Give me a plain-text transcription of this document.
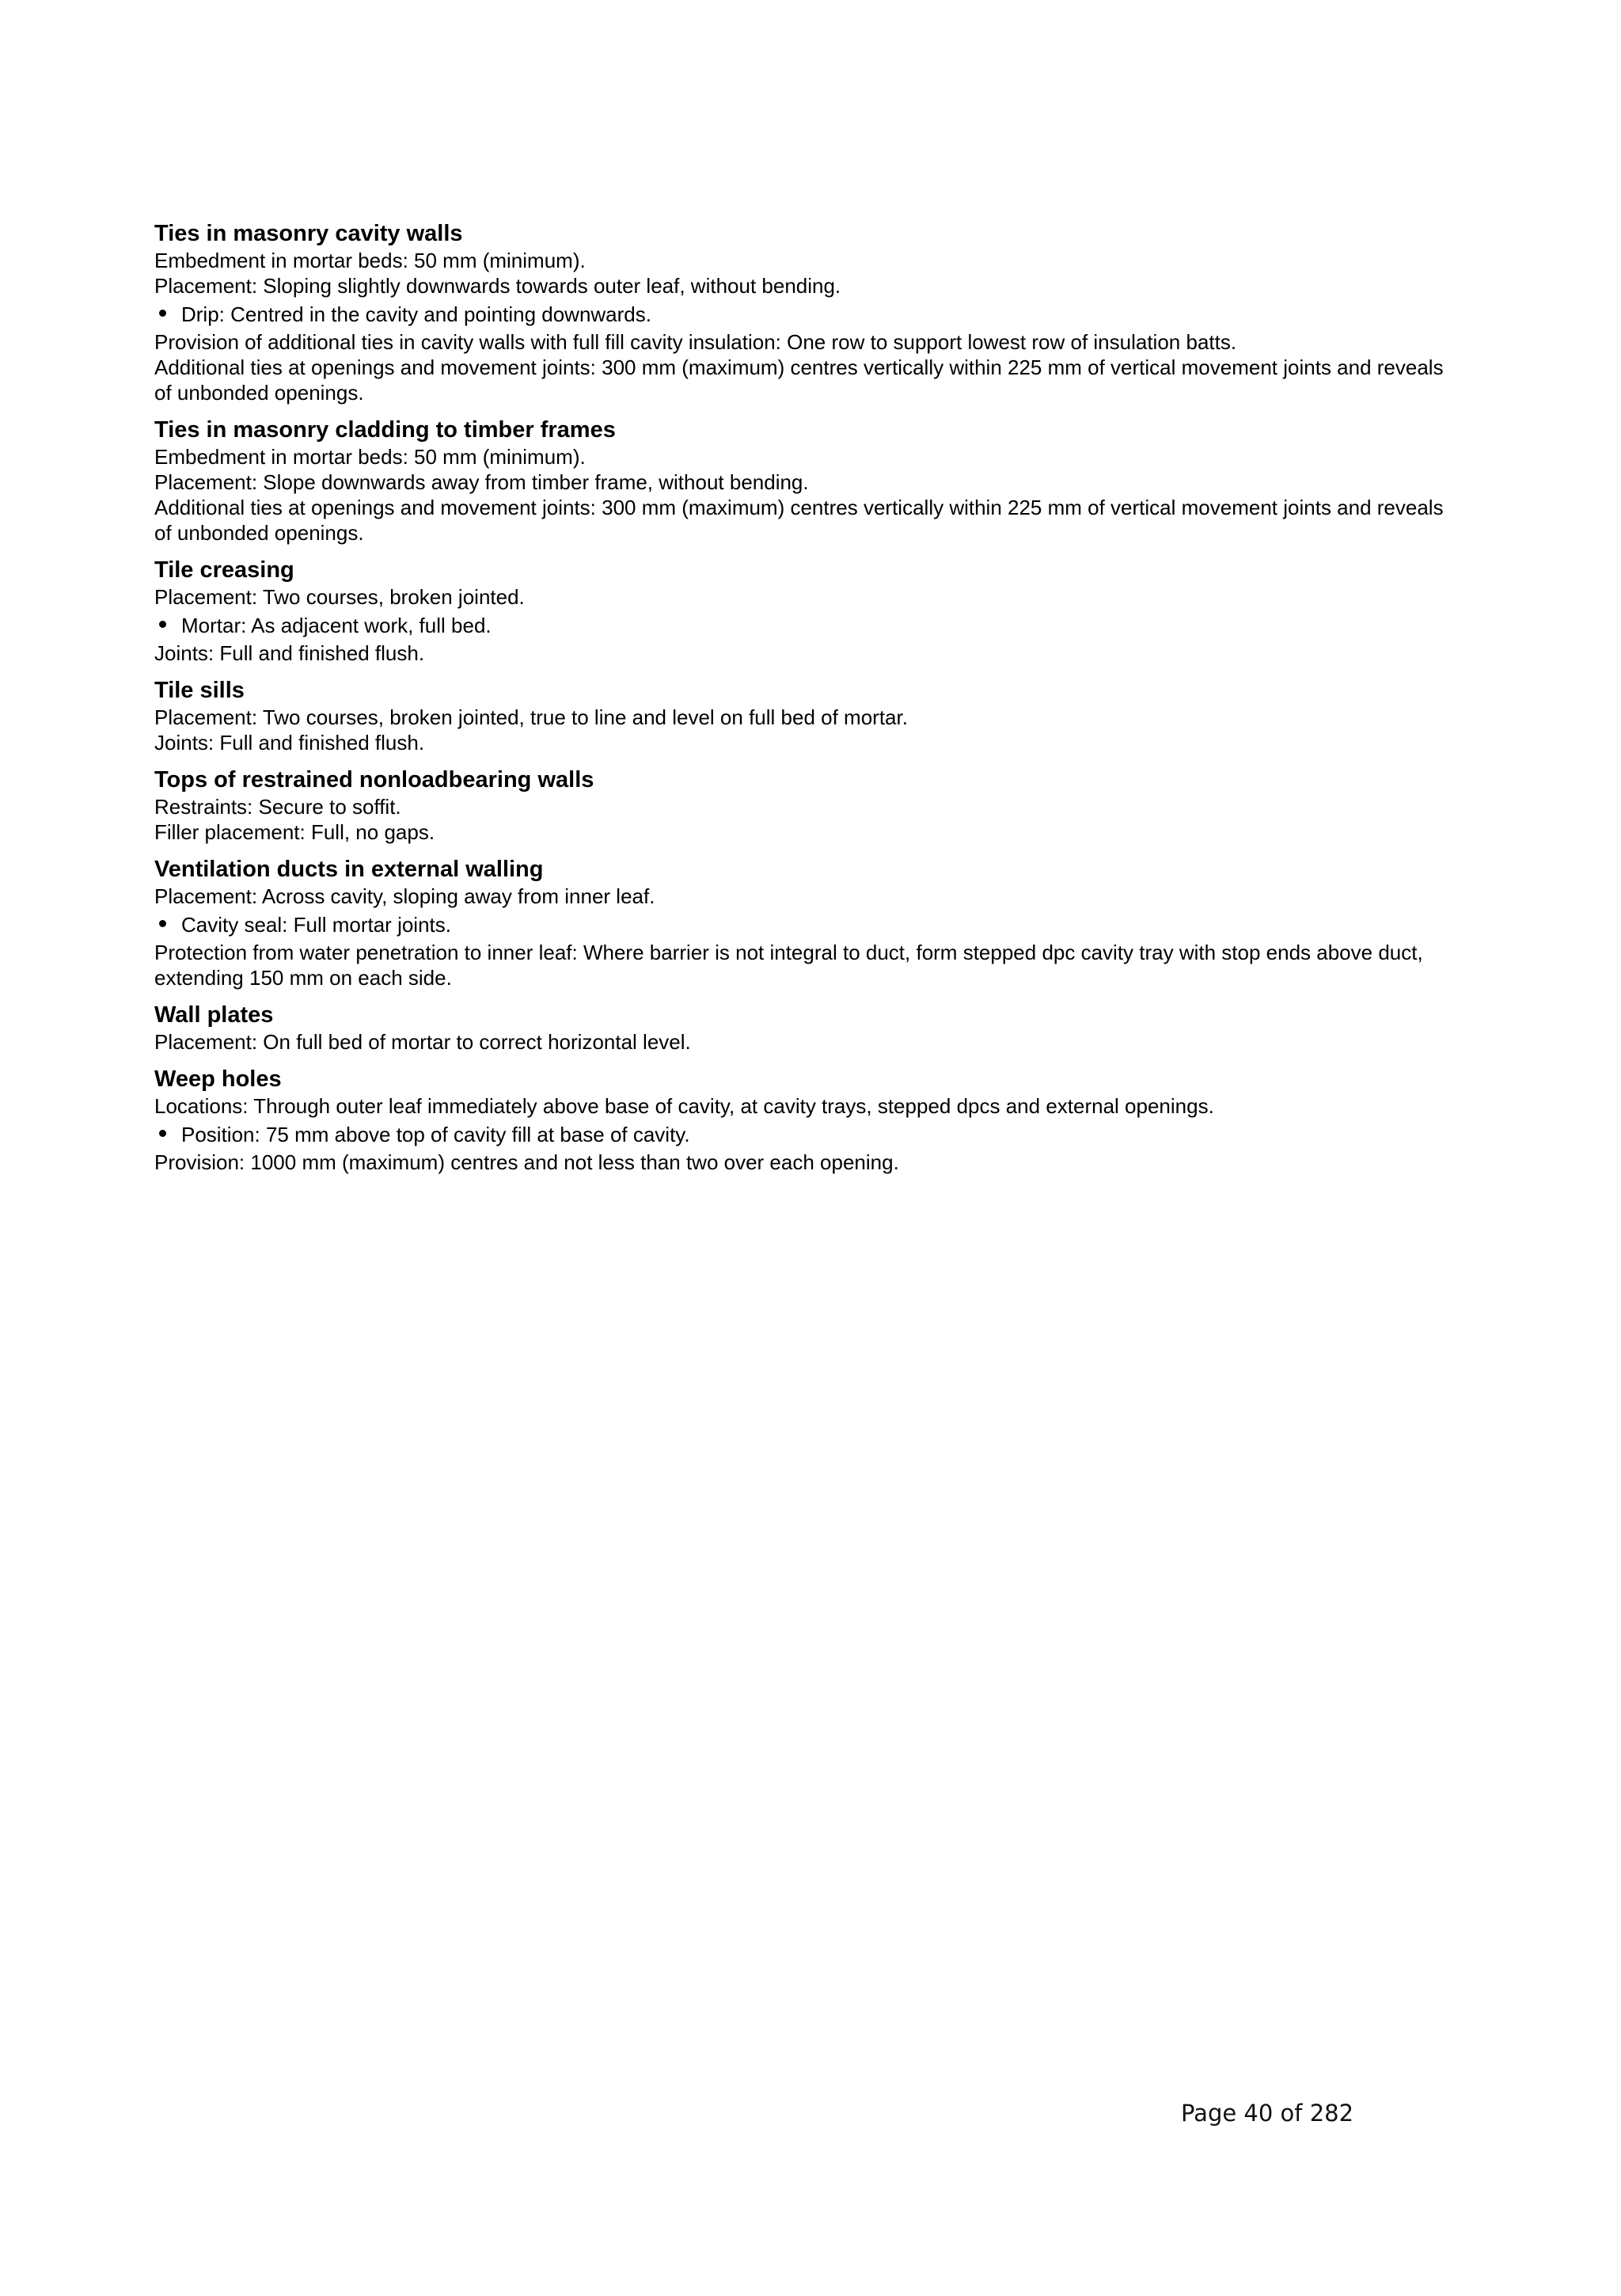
Ties in masonry cavity walls

Embedment in mortar beds: 50 mm (minimum).

Placement: Sloping slightly downwards towards outer leaf, without bending.

Drip: Centred in the cavity and pointing downwards.

Provision of additional ties in cavity walls with full fill cavity insulation: One row to support lowest row of insulation batts.

Additional ties at openings and movement joints: 300 mm (maximum) centres vertically within 225 mm of vertical movement joints and reveals of unbonded openings.

Ties in masonry cladding to timber frames

Embedment in mortar beds: 50 mm (minimum).

Placement: Slope downwards away from timber frame, without bending.

Additional ties at openings and movement joints: 300 mm (maximum) centres vertically within 225 mm of vertical movement joints and reveals of unbonded openings.

Tile creasing

Placement: Two courses, broken jointed.

Mortar: As adjacent work, full bed.

Joints: Full and finished flush.

Tile sills

Placement: Two courses, broken jointed, true to line and level on full bed of mortar.

Joints: Full and finished flush.

Tops of restrained nonloadbearing walls

Restraints: Secure to soffit.

Filler placement: Full, no gaps.

Ventilation ducts in external walling

Placement: Across cavity, sloping away from inner leaf.

Cavity seal: Full mortar joints.

Protection from water penetration to inner leaf: Where barrier is not integral to duct, form stepped dpc cavity tray with stop ends above duct, extending 150 mm on each side.

Wall plates

Placement: On full bed of mortar to correct horizontal level.

Weep holes

Locations: Through outer leaf immediately above base of cavity, at cavity trays, stepped dpcs and external openings.

Position: 75 mm above top of cavity fill at base of cavity.

Provision: 1000 mm (maximum) centres and not less than two over each opening.

Page 40 of 282
